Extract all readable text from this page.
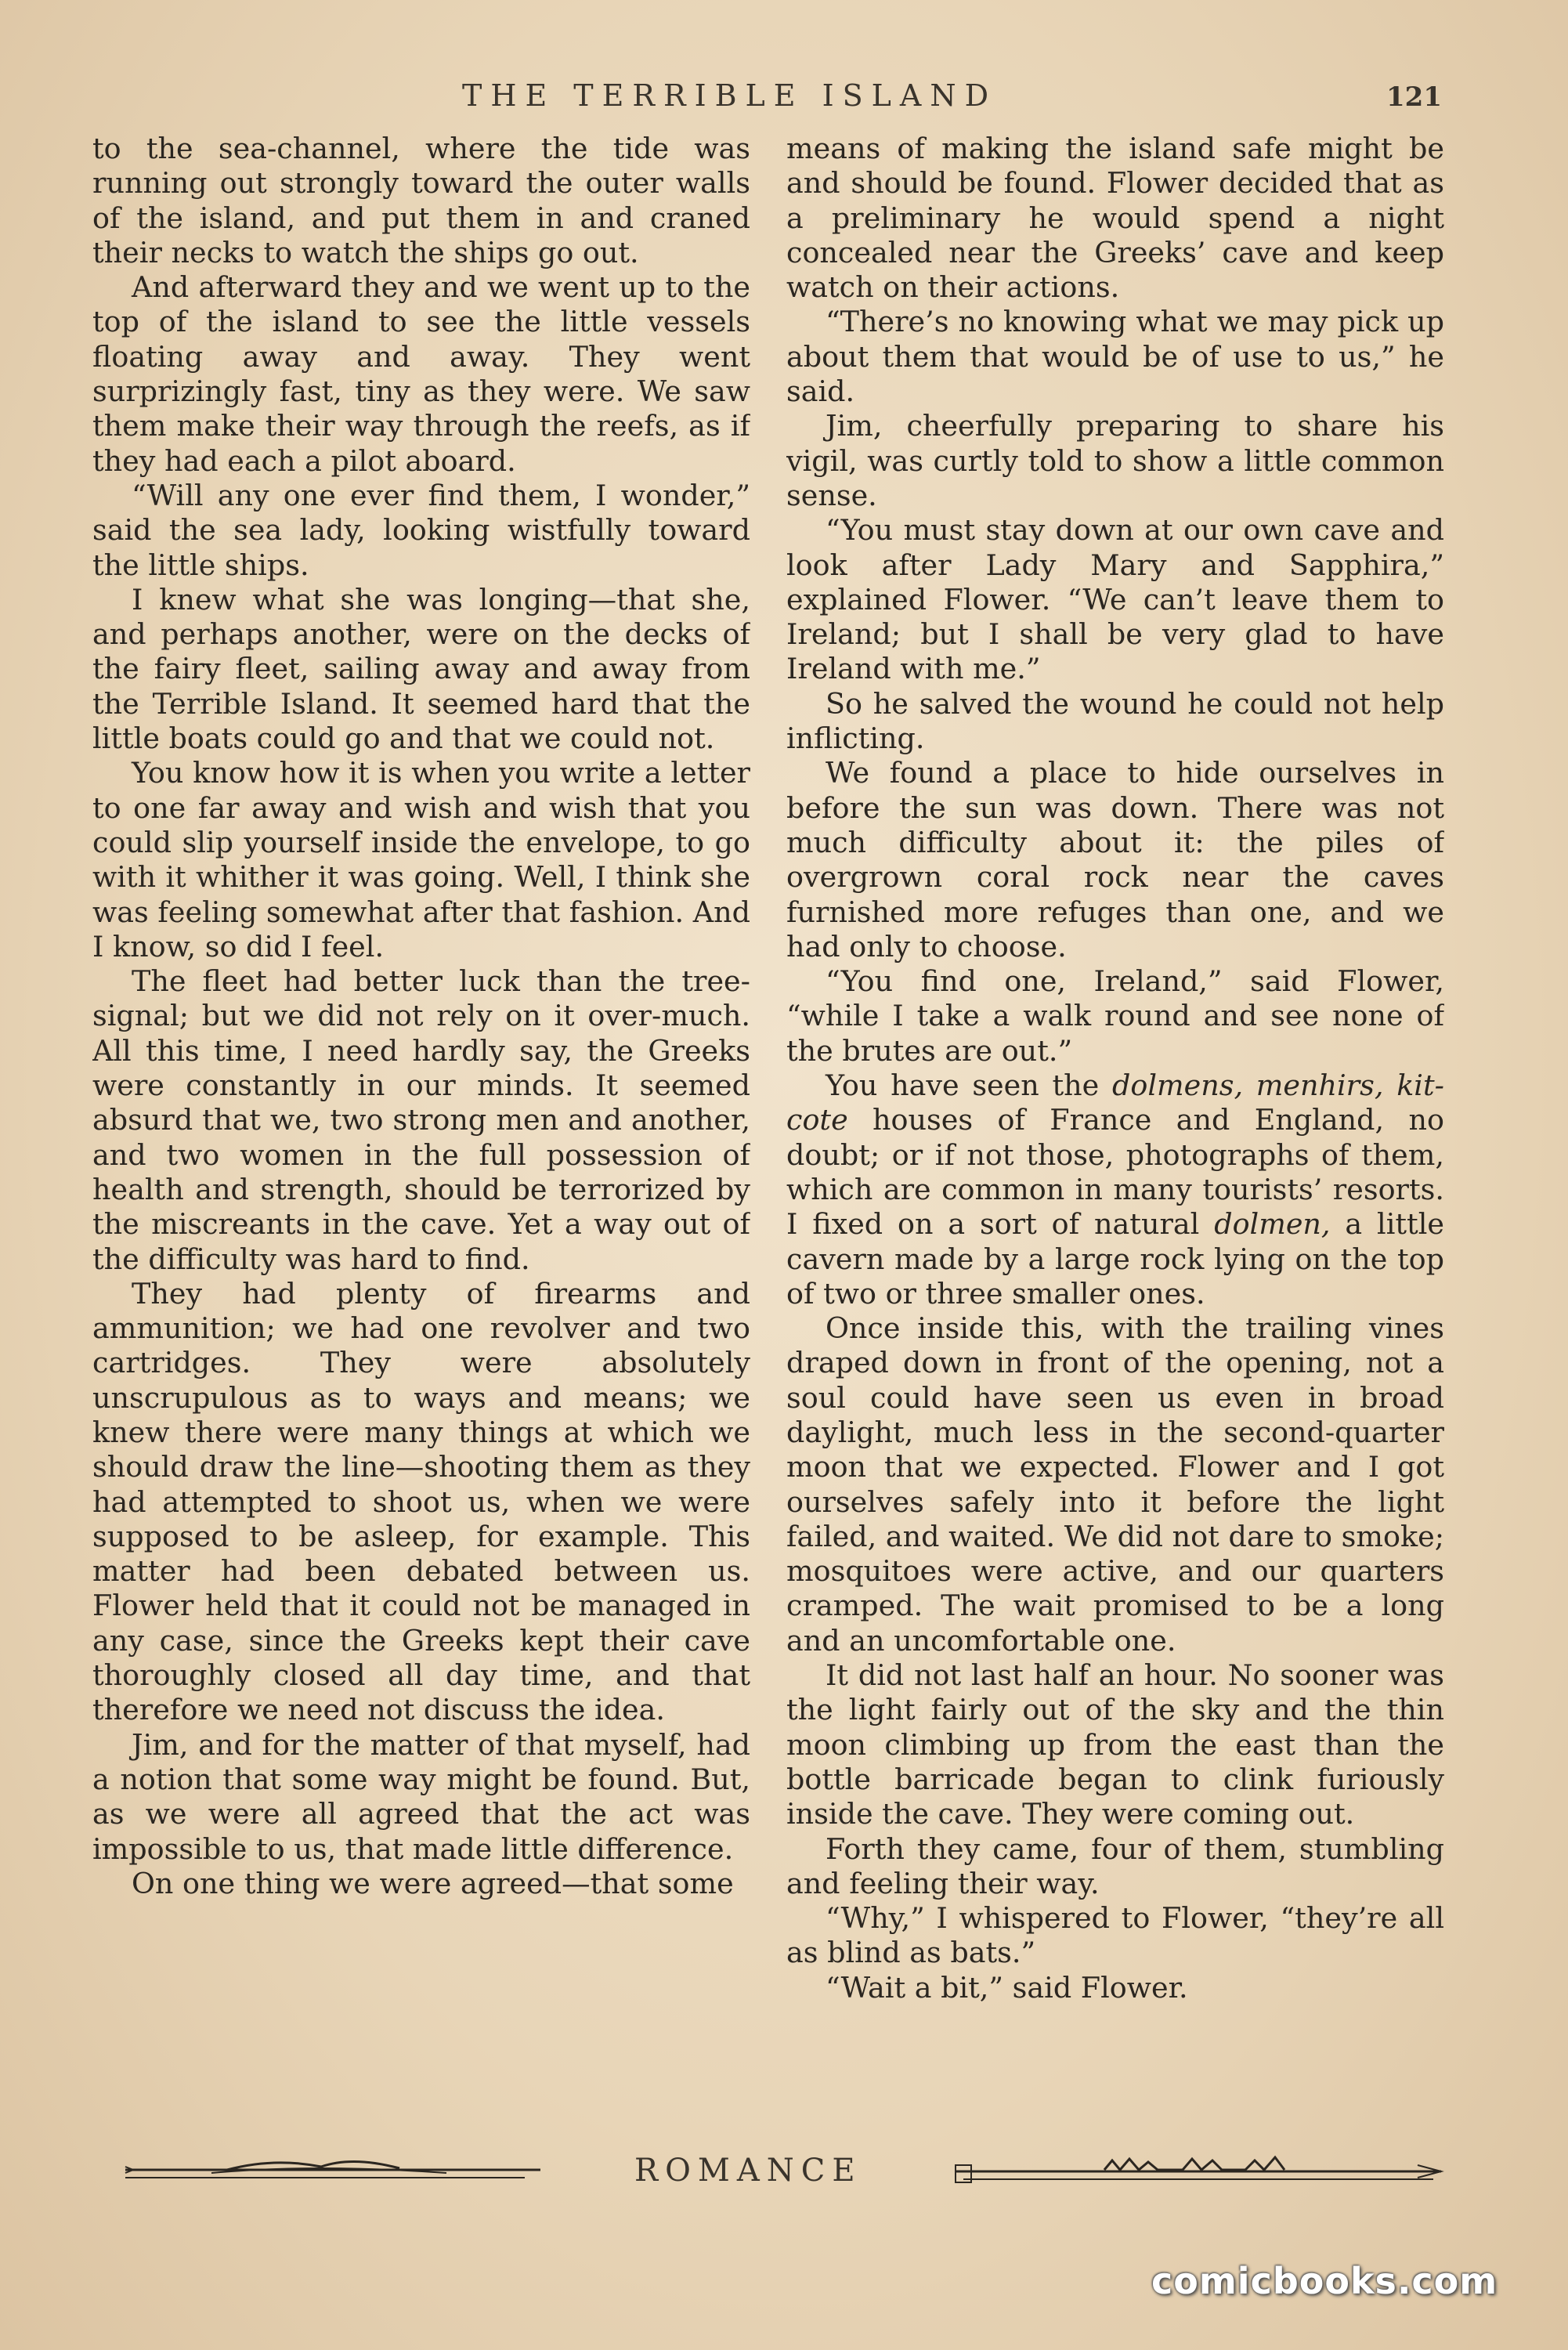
THE TERRIBLE ISLAND	121

to the sea-channel, where the tide was running out strongly toward the outer walls of the island, and put them in and craned their necks to watch the ships go out.

And afterward they and we went up to the top of the island to see the little vessels floating away and away. They went surprizingly fast, tiny as they were. We saw them make their way through the reefs, as if they had each a pilot aboard.

“Will any one ever find them, I wonder,” said the sea lady, looking wistfully toward the little ships.

I knew what she was longing—that she, and perhaps another, were on the decks of the fairy fleet, sailing away and away from the Terrible Island. It seemed hard that the little boats could go and that we could not.

You know how it is when you write a letter to one far away and wish and wish that you could slip yourself inside the envelope, to go with it whither it was going. Well, I think she was feeling somewhat after that fashion. And I know, so did I feel.

The fleet had better luck than the tree-signal; but we did not rely on it over-much. All this time, I need hardly say, the Greeks were constantly in our minds. It seemed absurd that we, two strong men and another, and two women in the full possession of health and strength, should be terrorized by the miscreants in the cave. Yet a way out of the difficulty was hard to find.

They had plenty of firearms and ammunition; we had one revolver and two cartridges. They were absolutely unscrupulous as to ways and means; we knew there were many things at which we should draw the line—shooting them as they had attempted to shoot us, when we were supposed to be asleep, for example. This matter had been debated between us. Flower held that it could not be managed in any case, since the Greeks kept their cave thoroughly closed all day time, and that therefore we need not discuss the idea.

Jim, and for the matter of that myself, had a notion that some way might be found. But, as we were all agreed that the act was impossible to us, that made little difference.

On one thing we were agreed—that some

means of making the island safe might be and should be found. Flower decided that as a preliminary he would spend a night concealed near the Greeks’ cave and keep watch on their actions.

“There’s no knowing what we may pick up about them that would be of use to us,” he said.

Jim, cheerfully preparing to share his vigil, was curtly told to show a little common sense.

“You must stay down at our own cave and look after Lady Mary and Sapphira,” explained Flower. “We can’t leave them to Ireland; but I shall be very glad to have Ireland with me.”

So he salved the wound he could not help inflicting.

We found a place to hide ourselves in before the sun was down. There was not much difficulty about it: the piles of overgrown coral rock near the caves furnished more refuges than one, and we had only to choose.

“You find one, Ireland,” said Flower, “while I take a walk round and see none of the brutes are out.”

You have seen the dolmens, menhirs, kit-cote houses of France and England, no doubt; or if not those, photographs of them, which are common in many tourists’ resorts. I fixed on a sort of natural dolmen, a little cavern made by a large rock lying on the top of two or three smaller ones.

Once inside this, with the trailing vines draped down in front of the opening, not a soul could have seen us even in broad daylight, much less in the second-quarter moon that we expected. Flower and I got ourselves safely into it before the light failed, and waited. We did not dare to smoke; mosquitoes were active, and our quarters cramped. The wait promised to be a long and an uncomfortable one.

It did not last half an hour. No sooner was the light fairly out of the sky and the thin moon climbing up from the east than the bottle barricade began to clink furiously inside the cave. They were coming out.

Forth they came, four of them, stumbling and feeling their way.

“Why,” I whispered to Flower, “they’re all as blind as bats.”

“Wait a bit,” said Flower.

ROMANCE
comicbooks.com
